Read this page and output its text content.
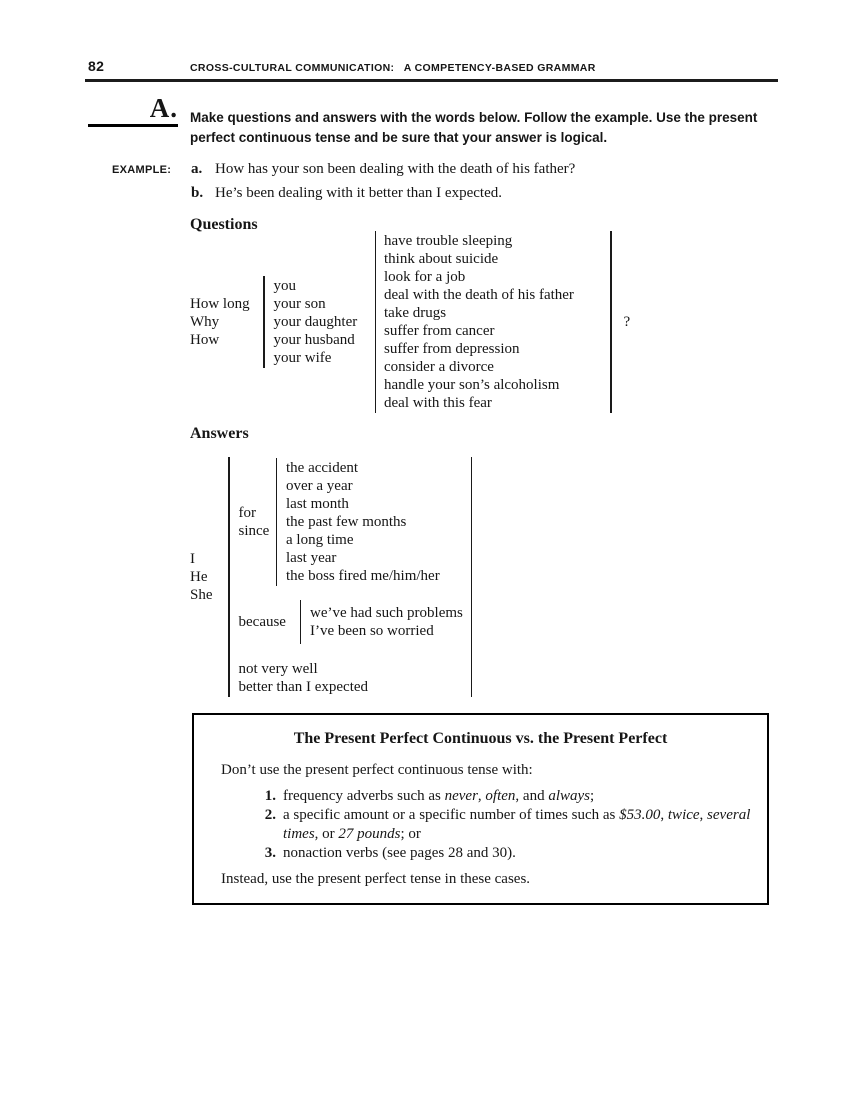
82	CROSS-CULTURAL COMMUNICATION:   A COMPETENCY-BASED GRAMMAR
A. Make questions and answers with the words below. Follow the example. Use the present perfect continuous tense and be sure that your answer is logical.
EXAMPLE: a. How has your son been dealing with the death of his father?
b. He’s been dealing with it better than I expected.
Questions
How long
Why
How
you
your son
your daughter
your husband
your wife
have trouble sleeping
think about suicide
look for a job
deal with the death of his father
take drugs
suffer from cancer
suffer from depression
consider a divorce
handle your son’s alcoholism
deal with this fear
?
Answers
I
He
She
for
since
the accident
over a year
last month
the past few months
a long time
last year
the boss fired me/him/her
because
we’ve had such problems
I’ve been so worried
not very well
better than I expected
The Present Perfect Continuous vs. the Present Perfect
Don’t use the present perfect continuous tense with:
1. frequency adverbs such as never, often, and always;
2. a specific amount or a specific number of times such as $53.00, twice, several times, or 27 pounds; or
3. nonaction verbs (see pages 28 and 30).
Instead, use the present perfect tense in these cases.
